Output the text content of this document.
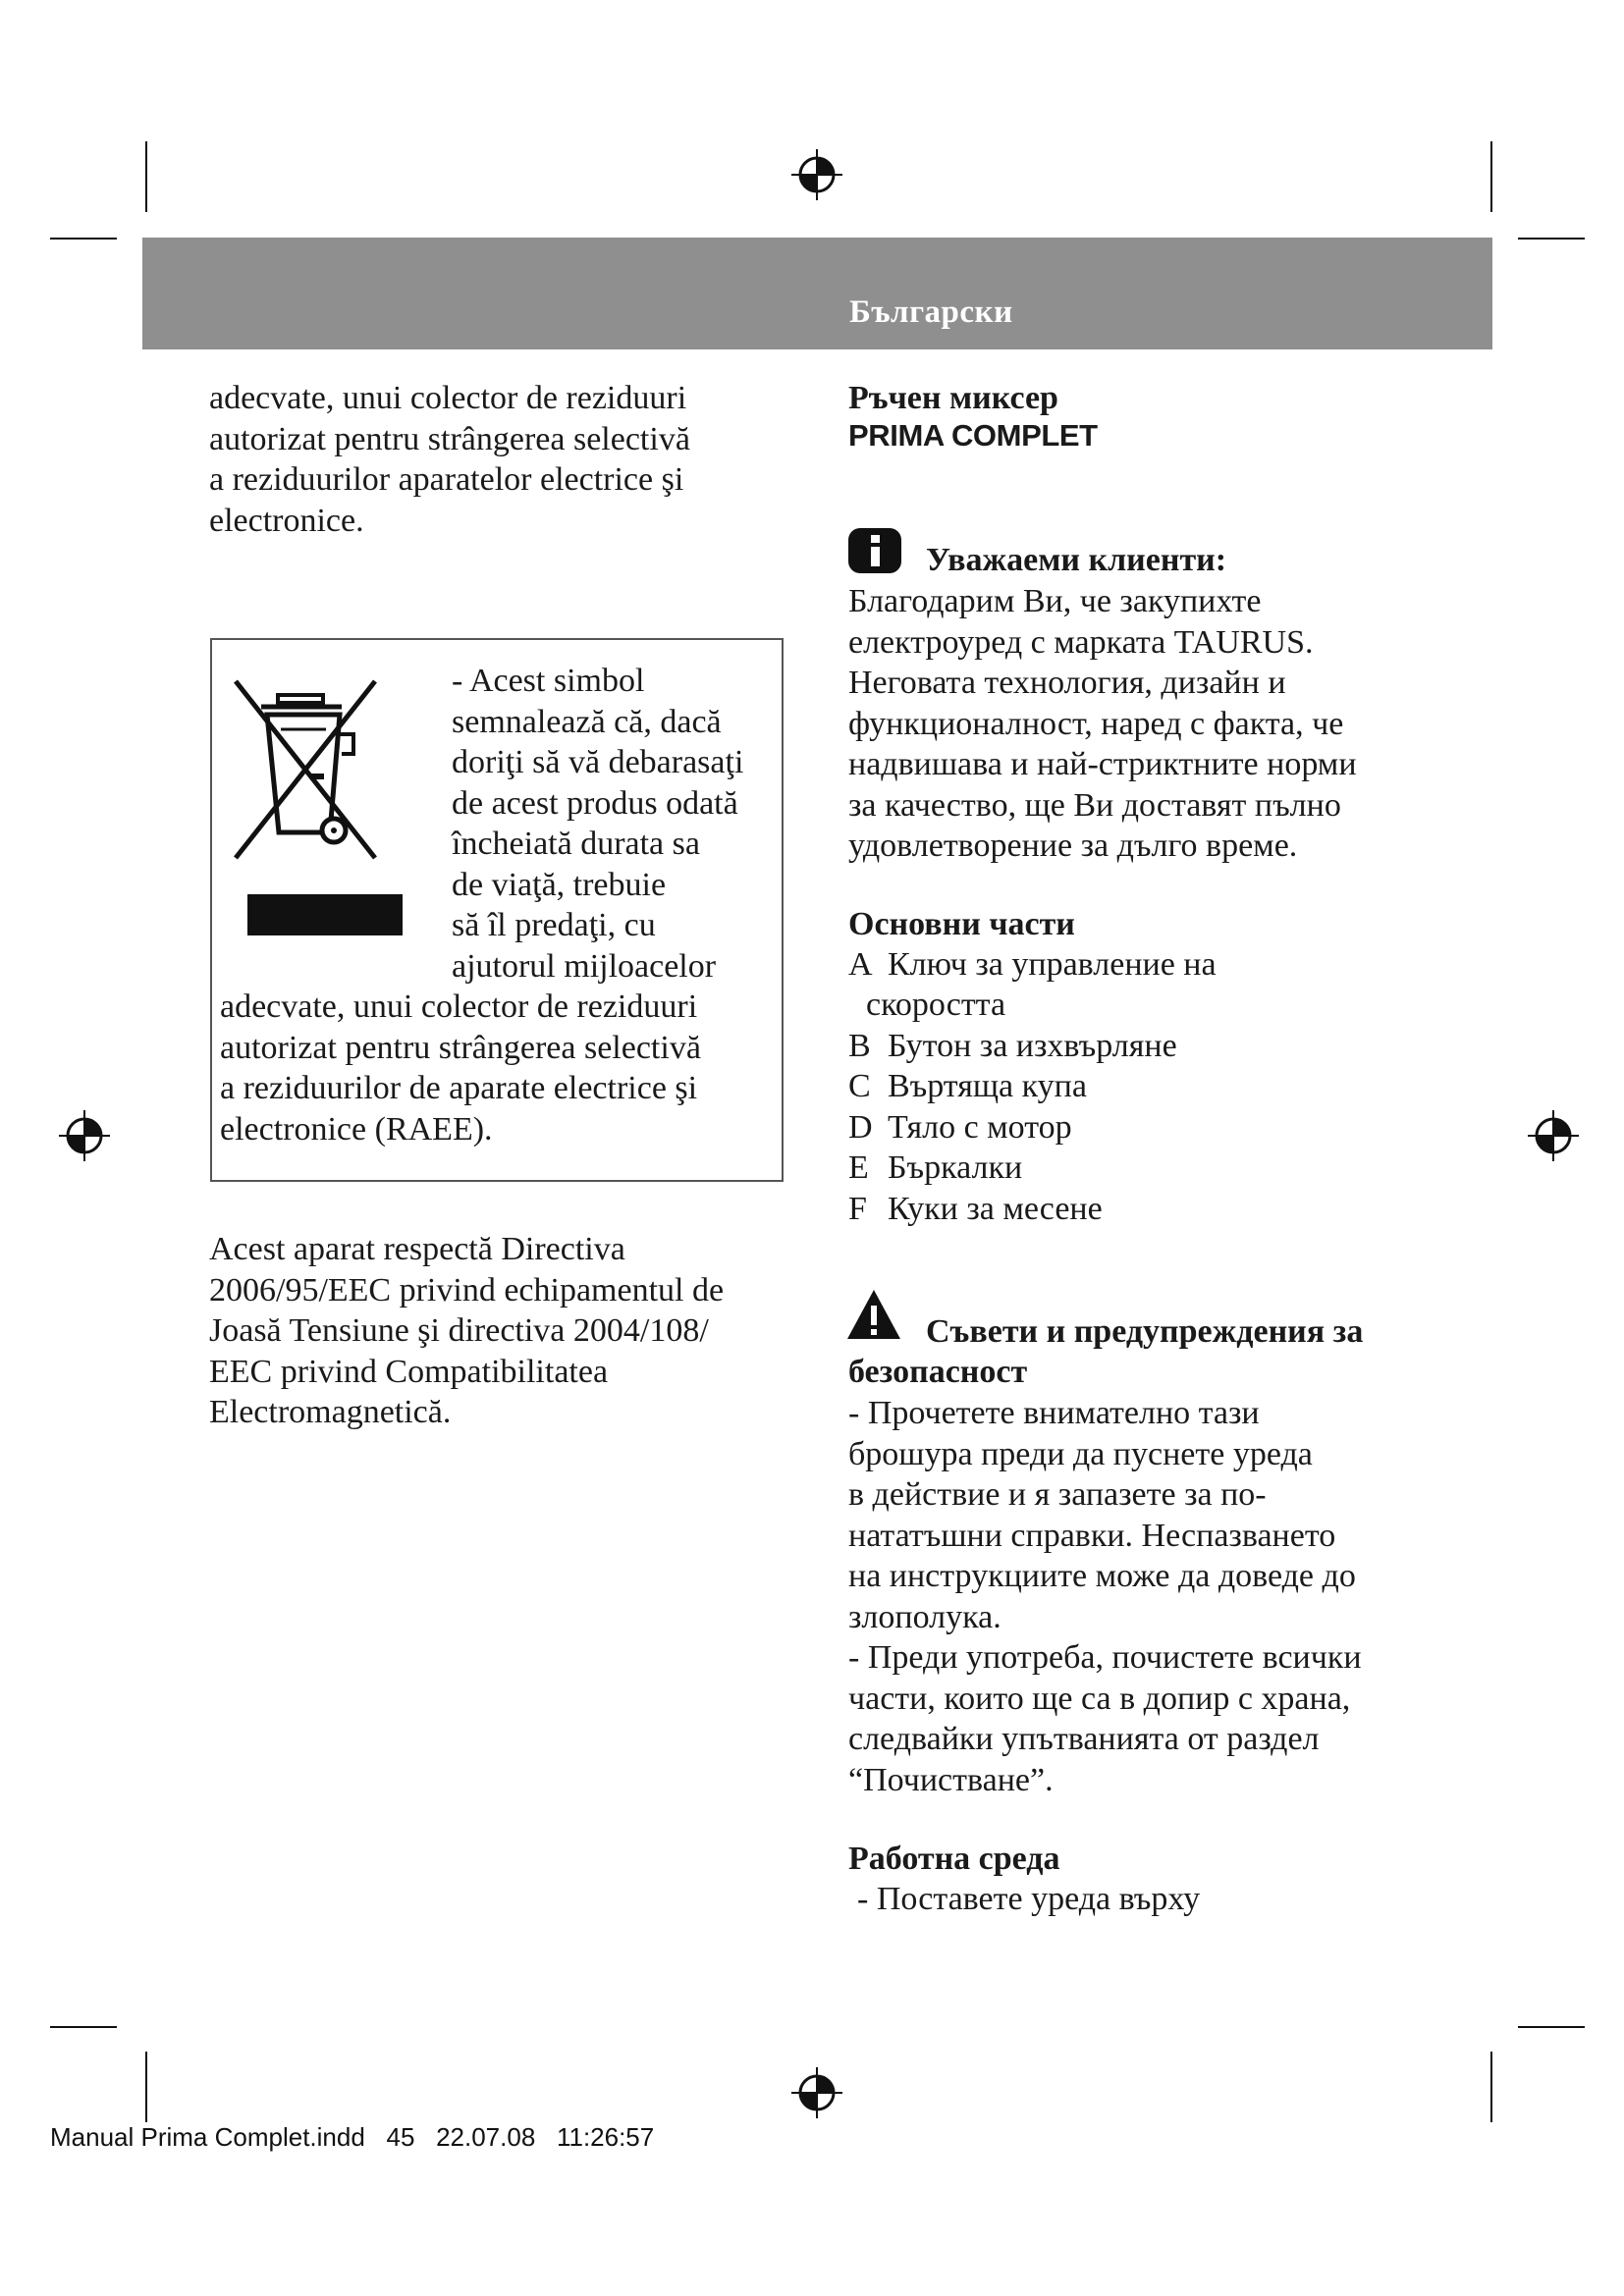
Български
adecvate, unui colector de reziduuri
autorizat pentru strângerea selectivă
a reziduurilor aparatelor electrice şi
electronice.
- Acest simbol
semnalează că, dacă
doriţi să vă debarasaţi
de acest produs odată
încheiată durata sa
de viaţă, trebuie
să îl predaţi, cu
ajutorul mijloacelor
adecvate, unui colector de reziduuri
autorizat pentru strângerea selectivă
a reziduurilor de aparate electrice şi
electronice (RAEE).
Acest aparat respectă Directiva
2006/95/EEC privind echipamentul de
Joasă Tensiune şi directiva 2004/108/
EEC privind Compatibilitatea
Electromagnetică.
Ръчен миксер
PRIMA COMPLET
Уважаеми клиенти:
Благодарим Ви, че закупихте
електроуред с марката TAURUS.
Неговата технология, дизайн и
функционалност, наред с факта, че
надвишава и най-стриктните норми
за качество, ще Ви доставят пълно
удовлетворение за дълго време.
Основни части
A Ключ за управление на
скоростта
B Бутон за изхвърляне
C Въртяща купа
D Тяло с мотор
E Бъркалки
F Куки за месене
Съвети и предупреждения за
безопасност
- Прочетете внимателно тази
брошура преди да пуснете уреда
в действие и я запазете за по-
нататъшни справки. Неспазването
на инструкциите може да доведе до
злополука.
- Преди употреба, почистете всички
части, които ще са в допир с храна,
следвайки упътванията от раздел
“Почистване”.
Работна среда
- Поставете уреда върху
Manual Prima Complet.indd   45   22.07.08   11:26:57
